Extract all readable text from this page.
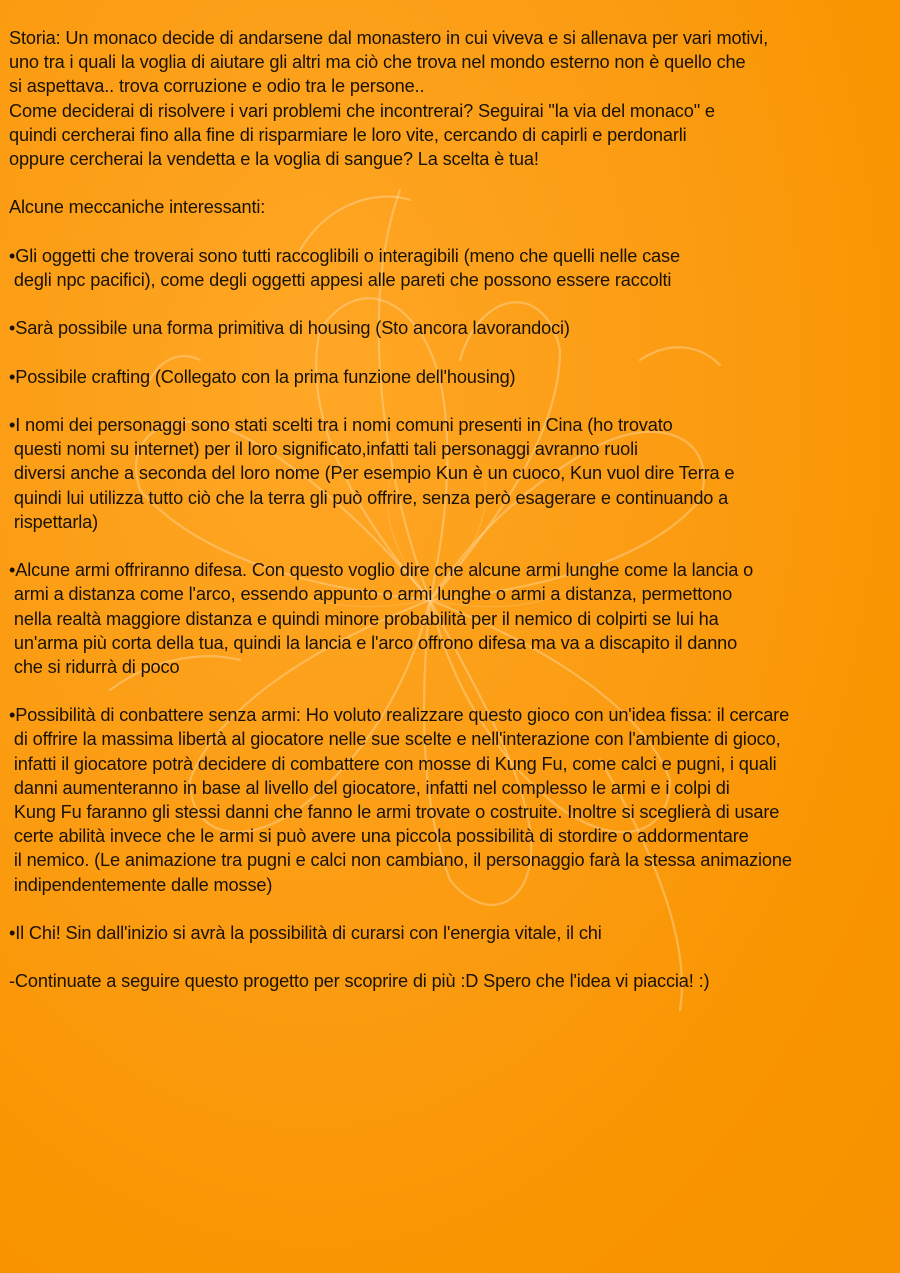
Storia: Un monaco decide di andarsene dal monastero in cui viveva e si allenava per vari motivi,
uno tra i quali la voglia di aiutare gli altri ma ciò che trova nel mondo esterno non è quello che
si aspettava.. trova corruzione e odio tra le persone..
Come deciderai di risolvere i vari problemi che incontrerai? Seguirai "la via del monaco" e
quindi cercherai fino alla fine di risparmiare le loro vite, cercando di capirli e perdonarli
oppure cercherai la vendetta e la voglia di sangue? La scelta è tua!

Alcune meccaniche interessanti:

•Gli oggetti che troverai sono tutti raccoglibili o interagibili (meno che quelli nelle case
degli npc pacifici), come degli oggetti appesi alle pareti che possono essere raccolti

•Sarà possibile una forma primitiva di housing (Sto ancora lavorandoci)

•Possibile crafting (Collegato con la prima funzione dell'housing)

•I nomi dei personaggi sono stati scelti tra i nomi comuni presenti in Cina (ho trovato
questi nomi su internet) per il loro significato,infatti tali personaggi avranno ruoli
diversi anche a seconda del loro nome (Per esempio Kun è un cuoco, Kun vuol dire Terra e
quindi lui utilizza tutto ciò che la terra gli può offrire, senza però esagerare e continuando a
rispettarla)

•Alcune armi offriranno difesa. Con questo voglio dire che alcune armi lunghe come la lancia o
armi a distanza come l'arco, essendo appunto o armi lunghe o armi a distanza, permettono
nella realtà maggiore distanza e quindi minore probabilità per il nemico di colpirti se lui ha
un'arma più corta della tua, quindi la lancia e l'arco offrono difesa ma va a discapito il danno
che si ridurrà di poco

•Possibilità di conbattere senza armi: Ho voluto realizzare questo gioco con un'idea fissa: il cercare
di offrire la massima libertà al giocatore nelle sue scelte e nell'interazione con l'ambiente di gioco,
infatti il giocatore potrà decidere di combattere con mosse di Kung Fu, come calci e pugni, i quali
danni aumenteranno in base al livello del giocatore, infatti nel complesso le armi e i colpi di
Kung Fu faranno gli stessi danni che fanno le armi trovate o costruite. Inoltre si sceglierà di usare
certe abilità invece che le armi si può avere una piccola possibilità di stordire o addormentare
il nemico. (Le animazione tra pugni e calci non cambiano, il personaggio farà la stessa animazione
indipendentemente dalle mosse)

•Il Chi! Sin dall'inizio si avrà la possibilità di curarsi con l'energia vitale, il chi

-Continuate a seguire questo progetto per scoprire di più :D Spero che l'idea vi piaccia! :)
